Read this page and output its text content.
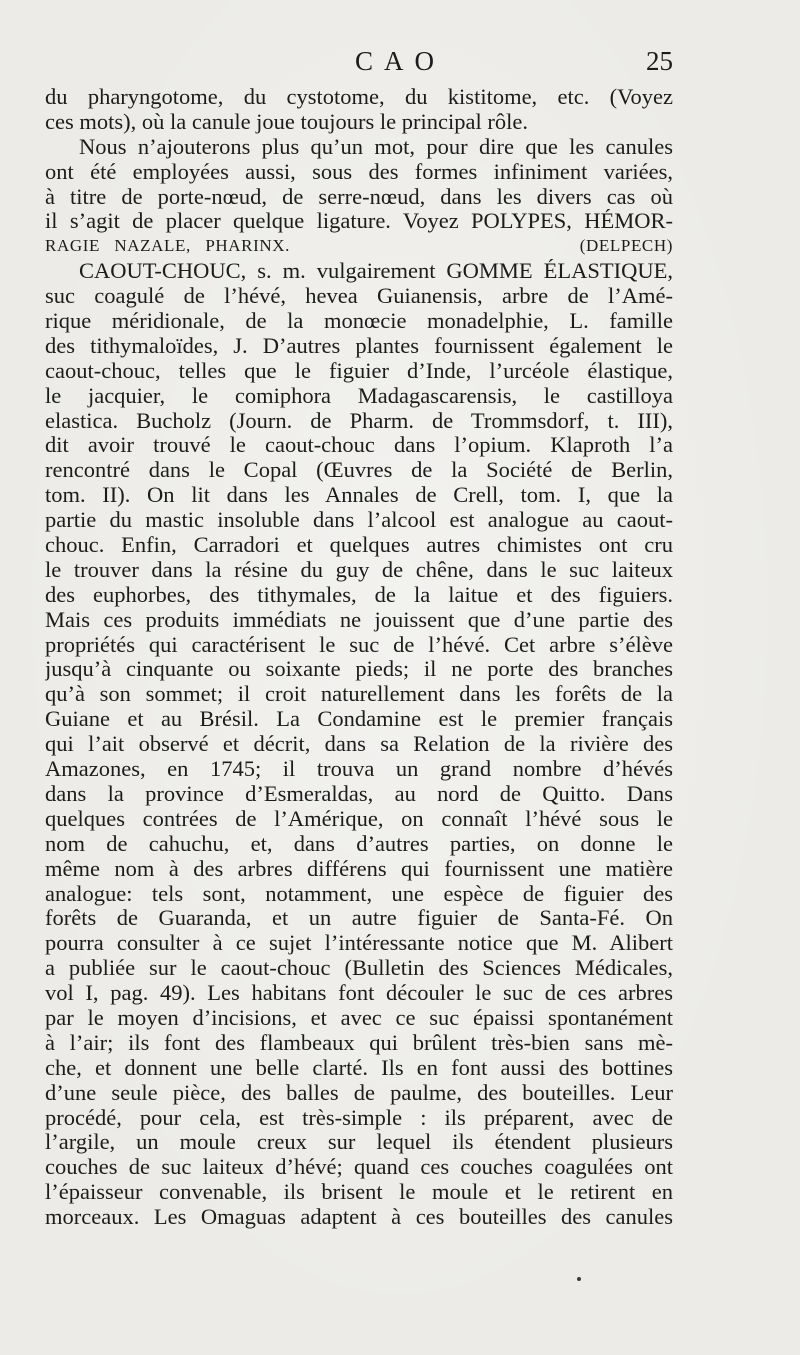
CAO	25
du pharyngotome, du cystotome, du kistitome, etc. (Voyez
ces mots), où la canule joue toujours le principal rôle.
Nous n’ajouterons plus qu’un mot, pour dire que les canules
ont été employées aussi, sous des formes infiniment variées,
à titre de porte-nœud, de serre-nœud, dans les divers cas où
il s’agit de placer quelque ligature. Voyez POLYPES, HÉMOR-
RAGIE NAZALE, PHARINX.                    (DELPECH)
CAOUT-CHOUC, s. m. vulgairement GOMME ÉLASTIQUE,
suc coagulé de l’hévé, hevea Guianensis, arbre de l’Amé-
rique méridionale, de la monœcie monadelphie, L. famille
des tithymaloïdes, J. D’autres plantes fournissent également le
caout-chouc, telles que le figuier d’Inde, l’urcéole élastique,
le jacquier, le comiphora Madagascarensis, le castilloya
elastica. Bucholz (Journ. de Pharm. de Trommsdorf, t. III),
dit avoir trouvé le caout-chouc dans l’opium. Klaproth l’a
rencontré dans le Copal (Œuvres de la Société de Berlin,
tom. II). On lit dans les Annales de Crell, tom. I, que la
partie du mastic insoluble dans l’alcool est analogue au caout-
chouc. Enfin, Carradori et quelques autres chimistes ont cru
le trouver dans la résine du guy de chêne, dans le suc laiteux
des euphorbes, des tithymales, de la laitue et des figuiers.
Mais ces produits immédiats ne jouissent que d’une partie des
propriétés qui caractérisent le suc de l’hévé. Cet arbre s’élève
jusqu’à cinquante ou soixante pieds; il ne porte des branches
qu’à son sommet; il croit naturellement dans les forêts de la
Guiane et au Brésil. La Condamine est le premier français
qui l’ait observé et décrit, dans sa Relation de la rivière des
Amazones, en 1745; il trouva un grand nombre d’hévés
dans la province d’Esmeraldas, au nord de Quitto. Dans
quelques contrées de l’Amérique, on connaît l’hévé sous le
nom de cahuchu, et, dans d’autres parties, on donne le
même nom à des arbres différens qui fournissent une matière
analogue: tels sont, notamment, une espèce de figuier des
forêts de Guaranda, et un autre figuier de Santa-Fé. On
pourra consulter à ce sujet l’intéressante notice que M. Alibert
a publiée sur le caout-chouc (Bulletin des Sciences Médicales,
vol I, pag. 49). Les habitans font découler le suc de ces arbres
par le moyen d’incisions, et avec ce suc épaissi spontanément
à l’air; ils font des flambeaux qui brûlent très-bien sans mè-
che, et donnent une belle clarté. Ils en font aussi des bottines
d’une seule pièce, des balles de paulme, des bouteilles. Leur
procédé, pour cela, est très-simple : ils préparent, avec de
l’argile, un moule creux sur lequel ils étendent plusieurs
couches de suc laiteux d’hévé; quand ces couches coagulées ont
l’épaisseur convenable, ils brisent le moule et le retirent en
morceaux. Les Omaguas adaptent à ces bouteilles des canules
